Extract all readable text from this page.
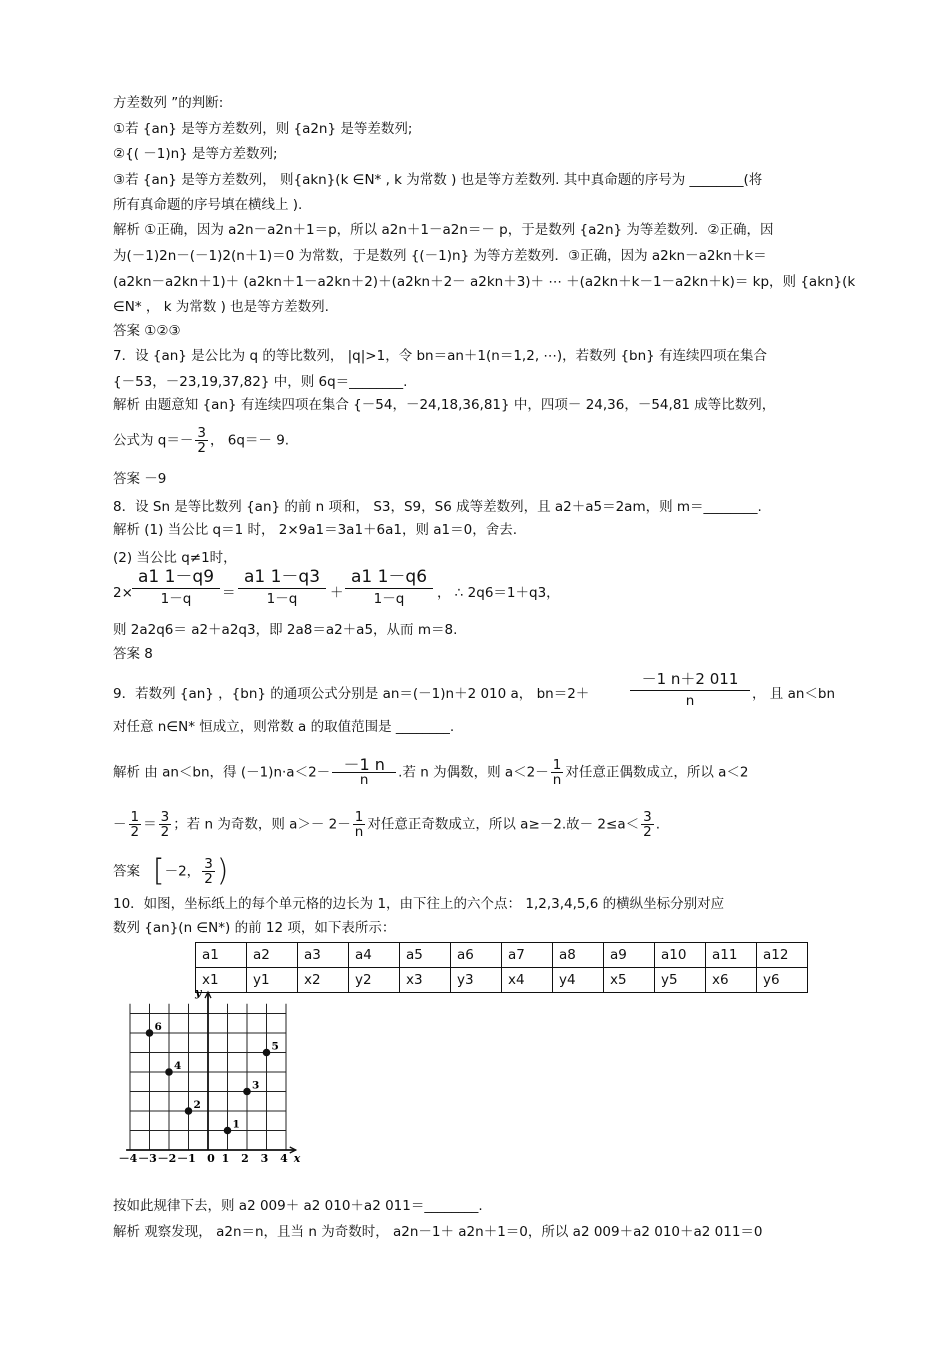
方差数列 ”的判断:
①若 {an} 是等方差数列，则 {a2n} 是等差数列;
②{( －1)n} 是等方差数列;
③若 {an} 是等方差数列， 则{akn}(k ∈N* , k 为常数 ) 也是等方差数列. 其中真命题的序号为 ________(将
所有真命题的序号填在横线上 ).
解析 ①正确，因为 a2n－a2n＋1＝p，所以 a2n＋1－a2n＝－ p，于是数列 {a2n} 为等差数列．②正确，因
为(－1)2n－(－1)2(n＋1)＝0 为常数，于是数列 {(－1)n} 为等方差数列．③正确，因为 a2kn－a2kn＋k＝
(a2kn－a2kn＋1)＋ (a2kn＋1－a2kn＋2)＋(a2kn＋2－ a2kn＋3)＋ ⋯ ＋(a2kn＋k－1－a2kn＋k)＝ kp，则 {akn}(k
∈N* ， k 为常数 ) 也是等方差数列.
答案 ①②③
7．设 {an} 是公比为 q 的等比数列， |q|>1，令 bn＝an＋1(n＝1,2, ⋯)，若数列 {bn} 有连续四项在集合
{－53，－23,19,37,82} 中，则 6q＝________.
解析 由题意知 {an} 有连续四项在集合 {－54，－24,18,36,81} 中，四项－ 24,36，－54,81 成等比数列，
公式为 $q=- \frac{3}{2}$ ， 6q＝－ 9.
答案 －9
8．设 Sn 是等比数列 {an} 的前 n 项和， S3，S9，S6 成等差数列，且 a2＋a5＝2am，则 m＝________.
解析 (1) 当公比 q＝1 时， 2×9a1＝3a1＋6a1，则 a1＝0，舍去.
(2) 当公比 q≠1时，
2×
a1 1－q9
1－q	＝
a1 1－q3
1－q	＋
a1 1－q6
1－q	， ∴ 2q6＝1＋q3，
则 2a2q6＝ a2＋a2q3，即 2a8＝a2＋a5，从而 m＝8.
答案 8
9．若数列 {an} ，{bn} 的通项公式分别是 an＝(－1)n＋2 010 a， bn＝2＋	$\frac{-1 n+2 011}{n}$ ， 且 an＜bn
对任意 n∈N* 恒成立，则常数 a 的取值范围是 ________.
解析 由 an＜bn，得 $(-1)n\cdot a<2- \frac{-1 n}{n}$ .若 n 为偶数，则 $a<2- \frac{1}{n}$ 对任意正偶数成立，所以 a＜2
－ $\frac{1}{2} = \frac{3}{2}$ ；若 n 为奇数，则 $a>- 2- \frac{1}{n}$ 对任意正奇数成立，所以 a≥－2.故－ $2\le a< \frac{3}{2}$ .
答案 [－2， $\frac{3}{2}$ )
10．如图，坐标纸上的每个单元格的边长为 1，由下往上的六个点： 1,2,3,4,5,6 的横纵坐标分别对应
数列 {an}(n ∈N*) 的前 12 项，如下表所示：
a1	a2	a3	a4	a5	a6	a7	a8	a9	a10	a11	a12
x1	y1	x2	y2	x3	y3	x4	y4	x5	y5	x6	y6
y
x
1
2
3
4
5
6
－4 －3 －2 －1 0 1 2 3 4
按如此规律下去，则 a2 009＋ a2 010＋a2 011＝________.
解析 观察发现， a2n＝n，且当 n 为奇数时， a2n－1＋ a2n＋1＝0，所以 a2 009＋a2 010＋a2 011＝0
